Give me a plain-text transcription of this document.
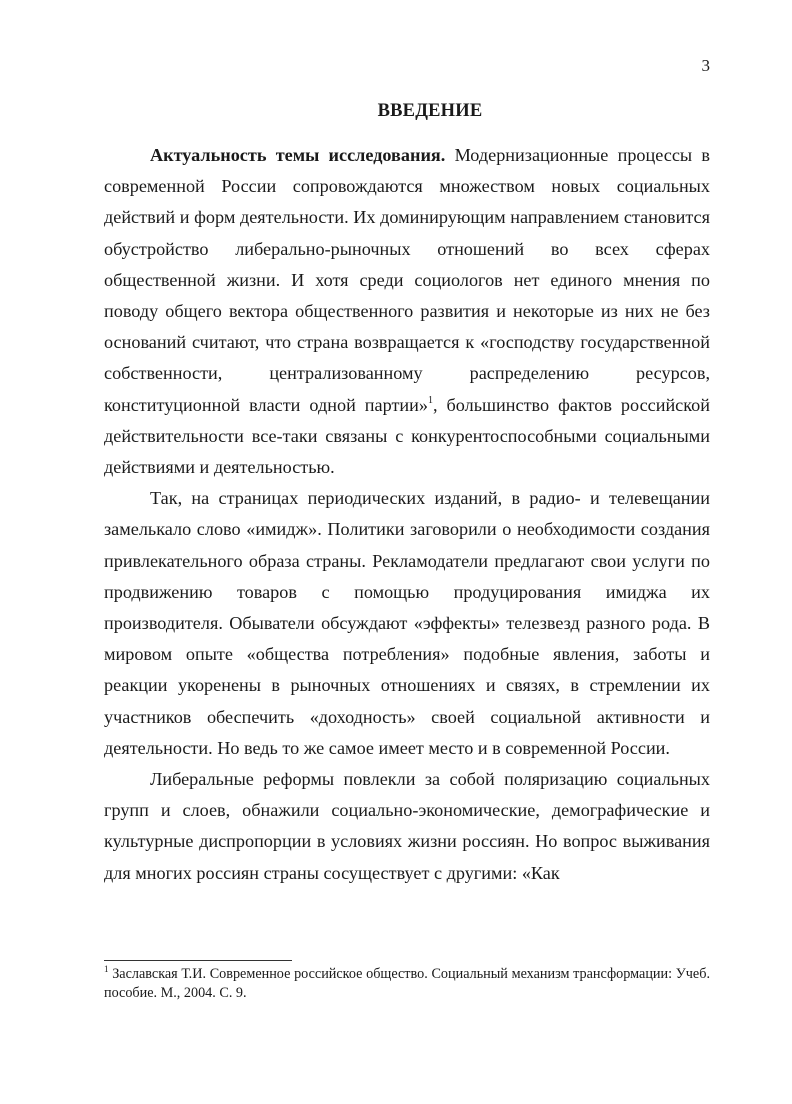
3
ВВЕДЕНИЕ

Актуальность темы исследования. Модернизационные процессы в современной России сопровождаются множеством новых социальных действий и форм деятельности. Их доминирующим направлением становится обустройство либерально-рыночных отношений во всех сферах общественной жизни. И хотя среди социологов нет единого мнения по поводу общего вектора общественного развития и некоторые из них не без оснований считают, что страна возвращается к «господству государственной собственности, централизованному распределению ресурсов, конституционной власти одной партии»$^1$, большинство фактов российской действительности все-таки связаны с конкурентоспособными социальными действиями и деятельностью.

Так, на страницах периодических изданий, в радио- и телевещании замелькало слово «имидж». Политики заговорили о необходимости создания привлекательного образа страны. Рекламодатели предлагают свои услуги по продвижению товаров с помощью продуцирования имиджа их производителя. Обыватели обсуждают «эффекты» телезвезд разного рода. В мировом опыте «общества потребления» подобные явления, заботы и реакции укоренены в рыночных отношениях и связях, в стремлении их участников обеспечить «доходность» своей социальной активности и деятельности. Но ведь то же самое имеет место и в современной России.

Либеральные реформы повлекли за собой поляризацию социальных групп и слоев, обнажили социально-экономические, демографические и культурные диспропорции в условиях жизни россиян. Но вопрос выживания для многих россиян страны сосуществует с другими: «Как

$^1$ Заславская Т.И. Современное российское общество. Социальный механизм трансформации: Учеб. пособие. М., 2004. С. 9.
